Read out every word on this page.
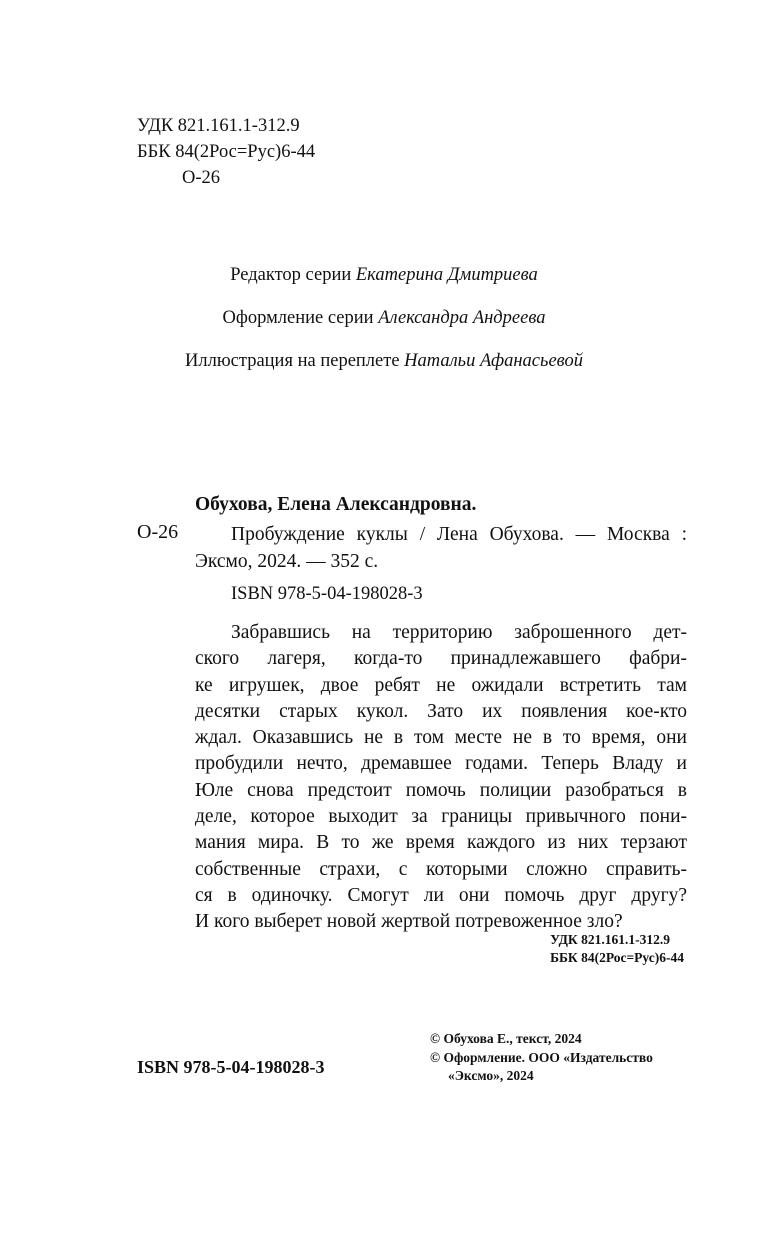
УДК 821.161.1-312.9
ББК 84(2Рос=Рус)6-44
О-26
Редактор серии Екатерина Дмитриева
Оформление серии Александра Андреева
Иллюстрация на переплете Натальи Афанасьевой
Обухова, Елена Александровна.
О-26	Пробуждение куклы / Лена Обухова. — Москва :
Эксмо, 2024. — 352 с.
ISBN 978-5-04-198028-3
Забравшись на территорию заброшенного дет-
ского лагеря, когда-то принадлежавшего фабри-
ке игрушек, двое ребят не ожидали встретить там
десятки старых кукол. Зато их появления кое-кто
ждал. Оказавшись не в том месте не в то время, они
пробудили нечто, дремавшее годами. Теперь Владу и
Юле снова предстоит помочь полиции разобраться в
деле, которое выходит за границы привычного пони-
мания мира. В то же время каждого из них терзают
собственные страхи, с которыми сложно справить-
ся в одиночку. Смогут ли они помочь друг другу?
И кого выберет новой жертвой потревоженное зло?
УДК 821.161.1-312.9
ББК 84(2Рос=Рус)6-44
ISBN 978-5-04-198028-3
© Обухова Е., текст, 2024
© Оформление. ООО «Издательство
«Эксмо», 2024
